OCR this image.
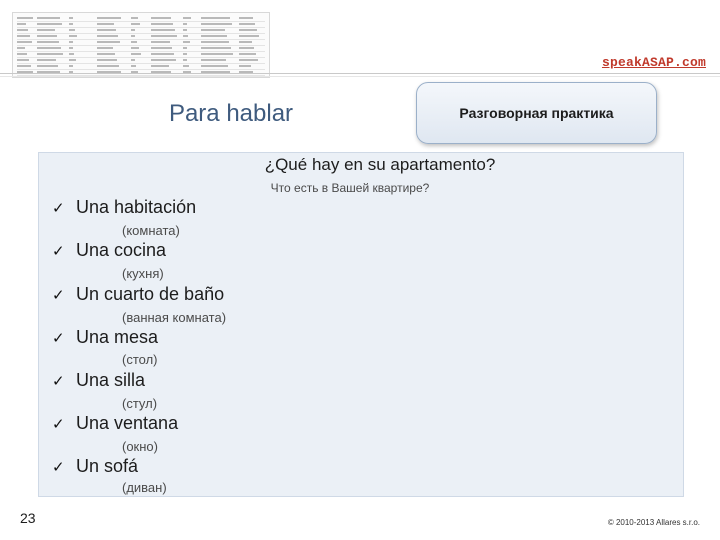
speakASAP.com
Para hablar	Разговорная практика
¿Qué hay en su apartamento?
Что есть в Вашей квартире?
✓ Una habitación
(комната)
✓ Una cocina
(кухня)
✓ Un cuarto de baño
(ванная комната)
✓ Una mesa
(стол)
✓ Una silla
(стул)
✓ Una ventana
(окно)
✓ Un sofá
(диван)
23	© 2010-2013 Allares s.r.o.
